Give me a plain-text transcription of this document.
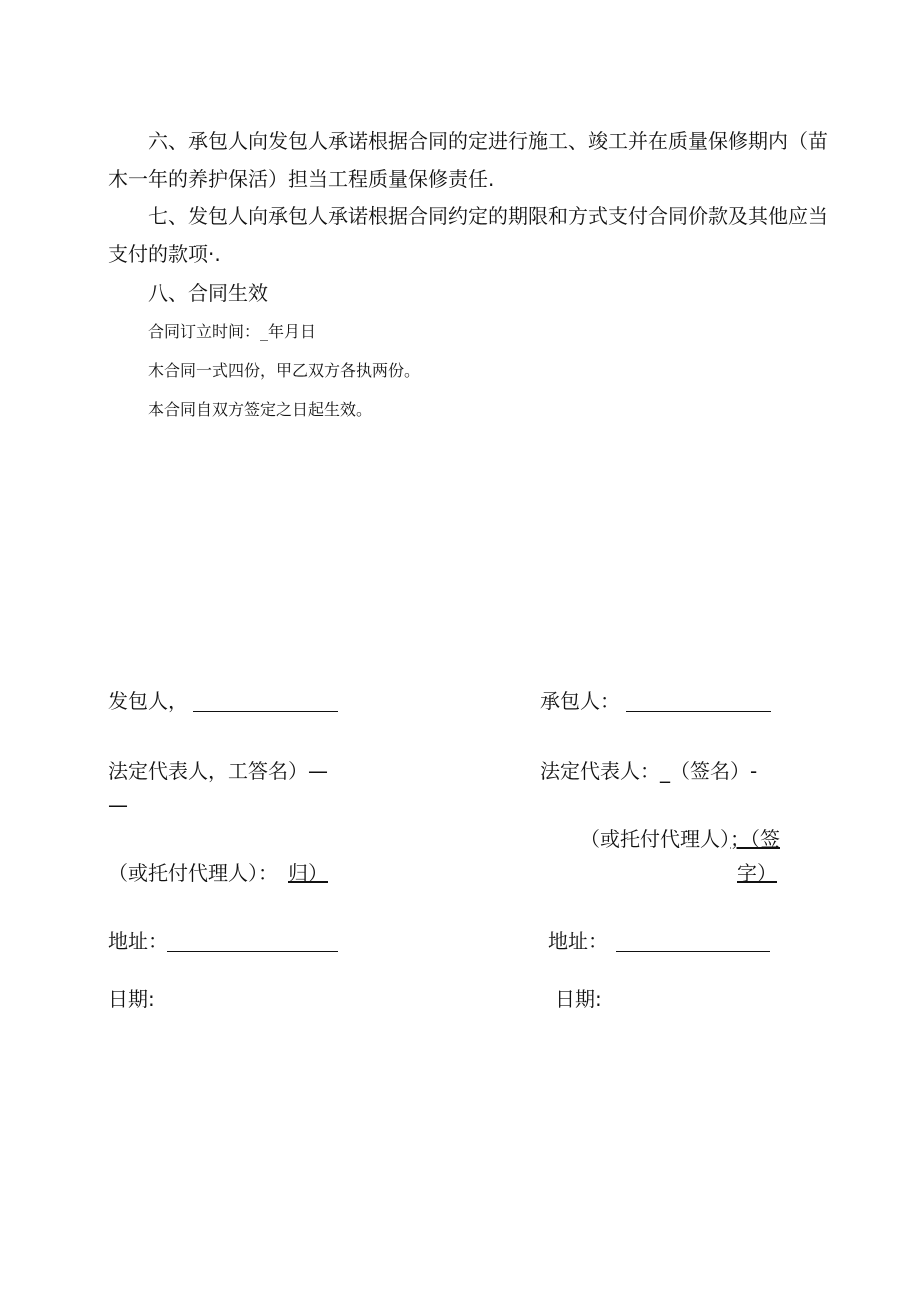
六、承包人向发包人承诺根据合同的定进行施工、竣工并在质量保修期内（苗木一年的养护保活）担当工程质量保修责任.

七、发包人向承包人承诺根据合同约定的期限和方式支付合同价款及其他应当支付的款项·.

八、合同生效

合同订立时间：_年月日

木合同一式四份，甲乙双方各执两份。

本合同自双方签定之日起生效。

发包人，
法定代表人，工答名）—
—
（或托付代理人）： 归）
地址：
日期:
承包人：
法定代表人：_（签名）-
（或托付代理人）
；（签
字）
地址：
日期:
